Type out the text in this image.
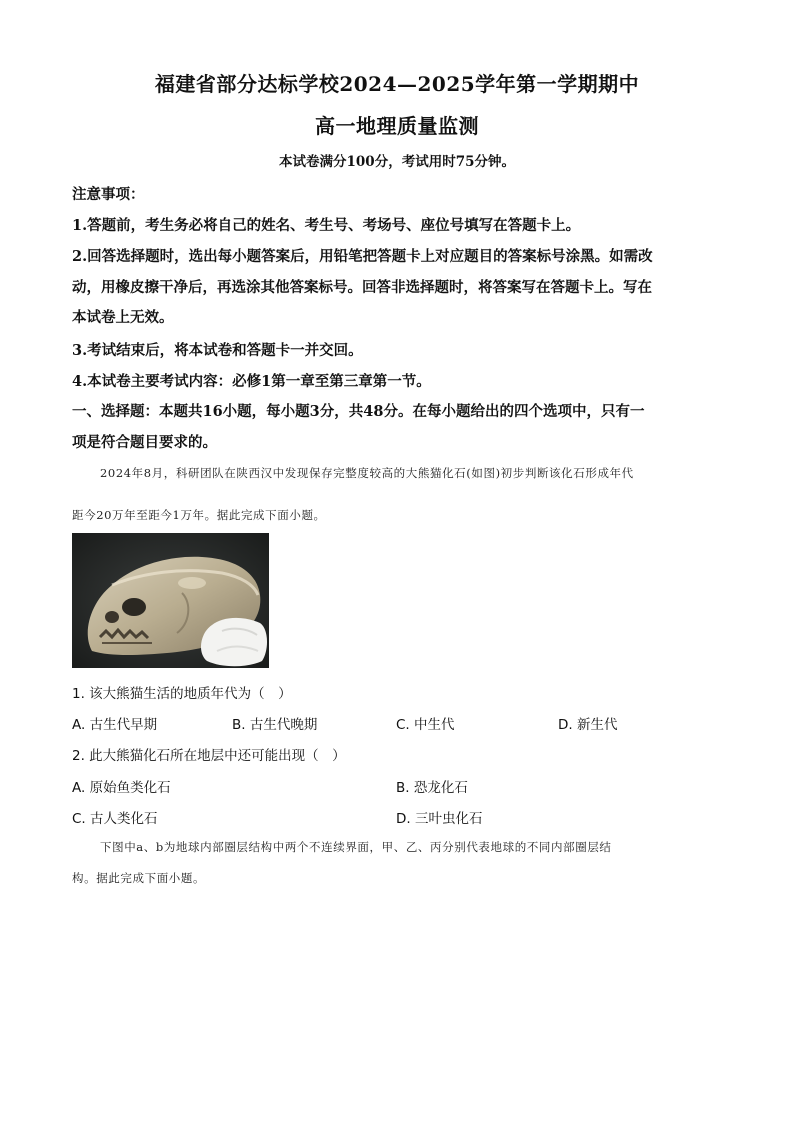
福建省部分达标学校2024—2025学年第一学期期中
高一地理质量监测
本试卷满分100分，考试用时75分钟。
注意事项：
1.答题前，考生务必将自己的姓名、考生号、考场号、座位号填写在答题卡上。
2.回答选择题时，选出每小题答案后，用铅笔把答题卡上对应题目的答案标号涂黑。如需改
动，用橡皮擦干净后，再选涂其他答案标号。回答非选择题时，将答案写在答题卡上。写在
本试卷上无效。
3.考试结束后，将本试卷和答题卡一并交回。
4.本试卷主要考试内容：必修1第一章至第三章第一节。
一、选择题：本题共16小题，每小题3分，共48分。在每小题给出的四个选项中，只有一
项是符合题目要求的。
2024年8月，科研团队在陕西汉中发现保存完整度较高的大熊猫化石(如图)初步判断该化石形成年代
距今20万年至距今1万年。据此完成下面小题。
1. 该大熊猫生活的地质年代为（　）
A. 古生代早期	B. 古生代晚期	C. 中生代	D. 新生代
2. 此大熊猫化石所在地层中还可能出现（　）
A. 原始鱼类化石	B. 恐龙化石
C. 古人类化石	D. 三叶虫化石
下图中a、b为地球内部圈层结构中两个不连续界面，甲、乙、丙分别代表地球的不同内部圈层结
构。据此完成下面小题。
